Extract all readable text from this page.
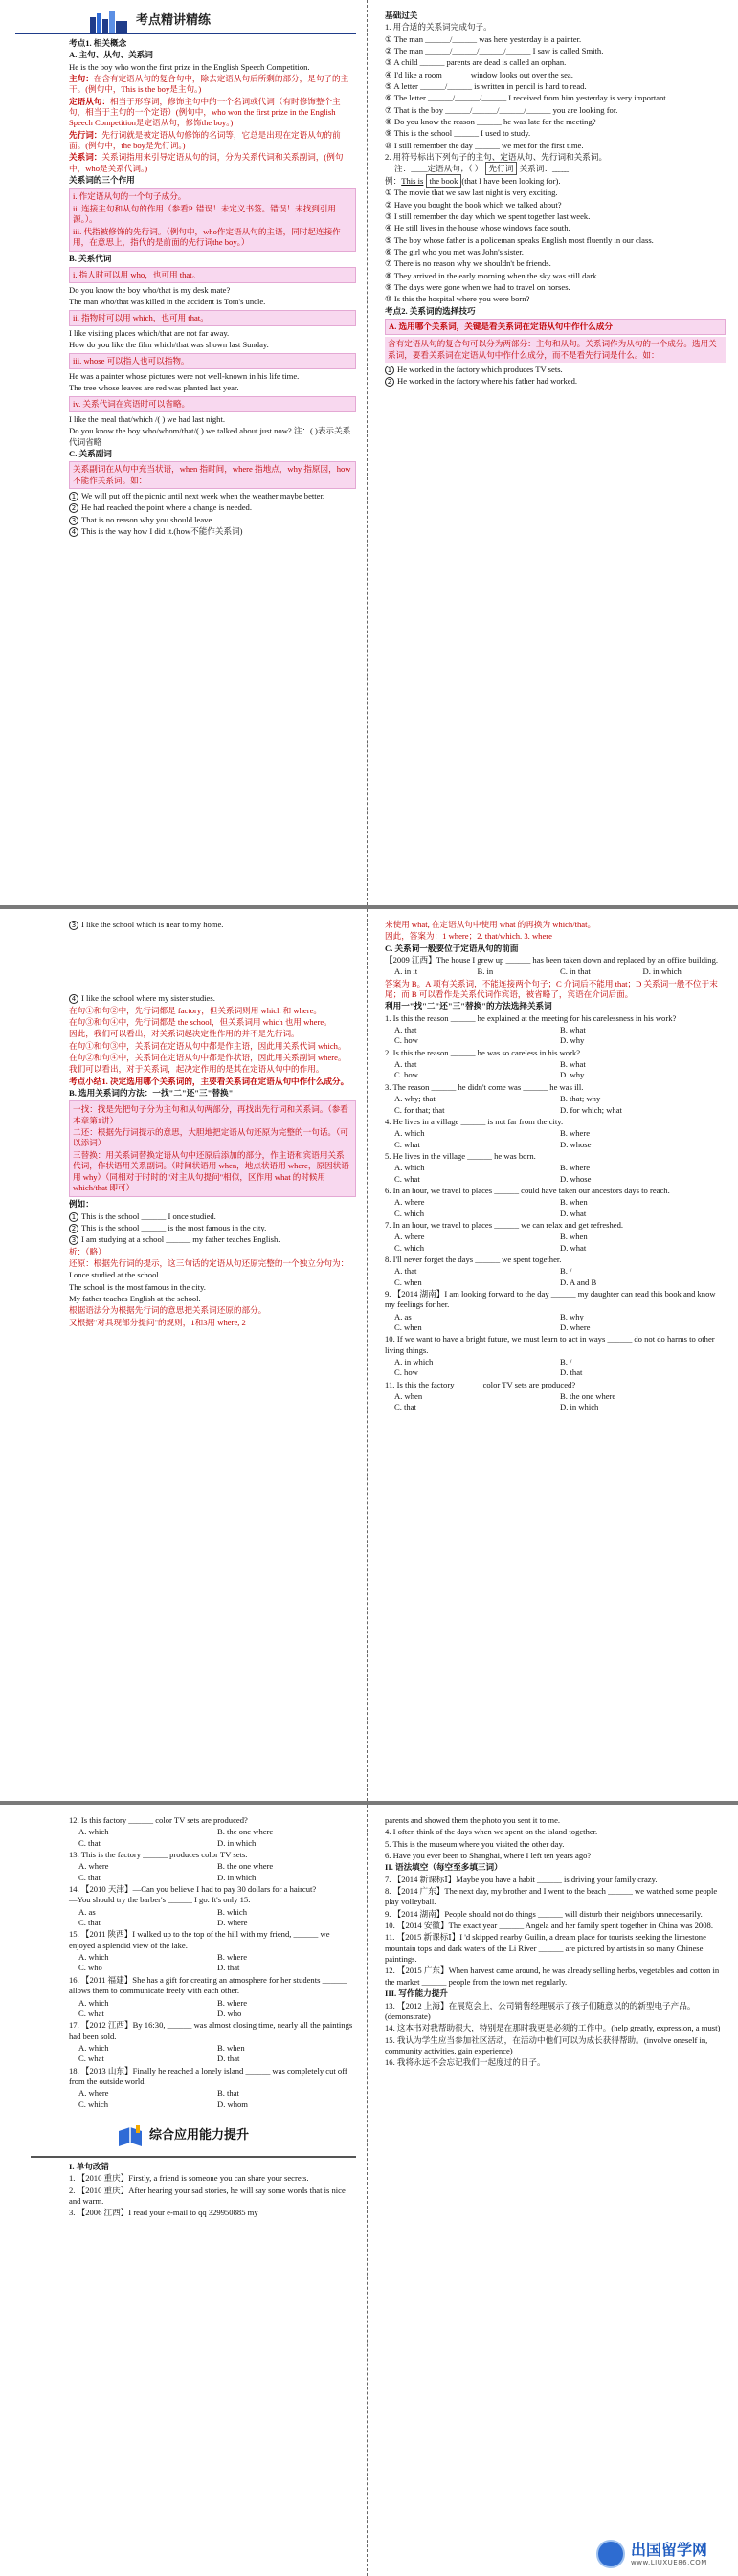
考点精讲精练
考点1. 相关概念
A. 主句、从句、关系词
He is the boy who won the first prize in the English Speech Competition.
主句：在含有定语从句的复合句中，除去定语从句后所剩的部分，是句子的主干。(例句中，This is the boy是主句。)
定语从句：相当于形容词，修饰主句中的一个名词或代词（有时修饰整个主句，相当于主句的一个定语）(例句中，who won the first prize in the English Speech Competition是定语从句，修饰the boy。)
先行词：先行词就是被定语从句修饰的名词等，它总是出现在定语从句的前面。(例句中，the boy是先行词。)
关系词：关系词指用来引导定语从句的词，分为关系代词和关系副词，(例句中，who是关系代词。)
关系词的三个作用
i. 作定语从句的一个句子成分。
ii. 连接主句和从句的作用（参看P. 错误！未定义书签。错误！未找到引用源。）。
iii. 代指被修饰的先行词。（例句中，who作定语从句的主语，同时起连接作用，在意思上，指代的是前面的先行词the boy。）
B. 关系代词
i. 指人时可以用 who，也可用 that。
Do you know the boy who/that is my desk mate?
The man who/that was killed in the accident is Tom's uncle.
ii. 指物时可以用 which，也可用 that。
I like visiting places which/that are not far away.
How do you like the film which/that was shown last Sunday.
iii. whose 可以指人也可以指物。
He was a painter whose pictures were not well-known in his life time.
The tree whose leaves are red was planted last year.
iv. 关系代词在宾语时可以省略。
I like the meal that/which /( ) we had last night.
Do you know the boy who/whom/that/( ) we talked about just now? 注：( )表示关系代词省略
C. 关系副词
关系副词在从句中充当状语，when 指时间，where 指地点，why 指原因，how不能作关系词。如：
1 We will put off the picnic until next week when the weather maybe better.
2 He had reached the point where a change is needed.
3 That is no reason why you should leave.
4 This is the way how I did it.(how不能作关系词)
基础过关
1. 用合适的关系词完成句子。
① The man ______/______ was here yesterday is a painter.
② The man ______/______/______/______ I saw is called Smith.
③ A child ______ parents are dead is called an orphan.
④ I'd like a room ______ window looks out over the sea.
⑤ A letter ______/______ is written in pencil is hard to read.
⑥ The letter ______/______/______ I received from him yesterday is very important.
⑦ That is the boy ______/______/______/______ you are looking for.
⑧ Do you know the reason ______ he was late for the meeting?
⑨ This is the school ______ I used to study.
⑩ I still remember the day ______ we met for the first time.
2. 用符号标出下列句子的主句、定语从句、先行词和关系词。
注：____定语从句；（ ） 先行词 关系词：﹏﹏
例：This is the book (that I have been looking for).
① The movie that we saw last night is very exciting.
② Have you bought the book which we talked about?
③ I still remember the day which we spent together last week.
④ He still lives in the house whose windows face south.
⑤ The boy whose father is a policeman speaks English most fluently in our class.
⑥ The girl who you met was John's sister.
⑦ There is no reason why we shouldn't be friends.
⑧ They arrived in the early morning when the sky was still dark.
⑨ The days were gone when we had to travel on horses.
⑩ Is this the hospital where you were born?
考点2. 关系词的选择技巧
A. 选用哪个关系词，关键是看关系词在定语从句中作什么成分
含有定语从句的复合句可以分为两部分：主句和从句。关系词作为从句的一个成分。选用关系词，要看关系词在定语从句中作什么成分，而不是看先行词是什么。如：
1 He worked in the factory which produces TV sets.
2 He worked in the factory where his father had worked.
3 I like the school which is near to my home.
4 I like the school where my sister studies.
在句①和句②中，先行词都是 factory，但关系词则用 which 和 where。
在句③和句④中，先行词都是 the school，但关系词用 which 也用 where。
因此，我们可以看出，对关系词起决定性作用的并不是先行词。
在句①和句③中，关系词在定语从句中都是作主语，因此用关系代词 which。
在句②和句④中，关系词在定语从句中都是作状语，因此用关系副词 where。
我们可以看出，对于关系词，起决定作用的是其在定语从句中的作用。
考点小结1. 决定选用哪个关系词的，主要看关系词在定语从句中作什么成分。
B. 选用关系词的方法：一找"二"还"三"替换"
一找：找是先把句子分为主句和从句两部分，再找出先行词和关系词。（参看本章第1讲）
二还：根据先行词提示的意思，大胆地把定语从句还原为完整的一句话。（可以添词）
三替换：用关系词替换定语从句中还原后添加的部分，作主语和宾语用关系代词，作状语用关系副词。（时间状语用 when，地点状语用 where，原因状语用 why）（同相对于时时的"对主从句提问"相似，区作用 what 的时候用 which/that 即可）
例如：
1 This is the school ______ I once studied.
2 This is the school ______ is the most famous in the city.
3 I am studying at a school ______ my father teaches English.
析：（略）
还原：根据先行词的提示，这三句话的定语从句还原完整的一个独立分句为：
I once studied at the school.
The school is the most famous in the city.
My father teaches English at the school.
根据语法分为根据先行词的意思把关系词还原的部分。
又根据"对具现部分提问"的规则，1和3用 where, 2
来使用 what, 在定语从句中使用 what 的再换为 which/that。
因此，答案为：1 where；2. that/which. 3. where
C. 关系词一般要位于定语从句的前面
【2009 江西】The house I grew up ______ has been taken down and replaced by an office building.
A. in it	B. in	C. in that	D. in which
答案为 B。A 项有关系词，不能连接两个句子；C 介词后不能用 that；D 关系词一般不位于末尾；而 B 可以看作是关系代词作宾语，被省略了，宾语在介词后面。
利用一"找"二"还"三"替换"的方法选择关系词
1. Is this the reason ______ he explained at the meeting for his carelessness in his work?
A. that	B. what
C. how	D. why
2. Is this the reason ______ he was so careless in his work?
A. that	B. what
C. how	D. why
3. The reason ______ he didn't come was ______ he was ill.
A. why; that	B. that; why
C. for that; that	D. for which; what
4. He lives in a village ______ is not far from the city.
A. which	B. where
C. what	D. whose
5. He lives in the village ______ he was born.
A. which	B. where
C. what	D. whose
6. In an hour, we travel to places ______ could have taken our ancestors days to reach.
A. where	B. when
C. which	D. what
7. In an hour, we travel to places ______ we can relax and get refreshed.
A. where	B. when
C. which	D. what
8. I'll never forget the days ______ we spent together.
A. that	B. /
C. when	D. A and B
9. 【2014 湖南】I am looking forward to the day ______ my daughter can read this book and know my feelings for her.
A. as	B. why
C. when	D. where
10. If we want to have a bright future, we must learn to act in ways ______ do not do harms to other living things.
A. in which	B. /
C. how	D. that
11. Is this the factory ______ color TV sets are produced?
A. when	B. the one where
C. that	D. in which
12. Is this factory ______ color TV sets are produced?
A. which	B. the one where
C. that	D. in which
13. This is the factory ______ produces color TV sets.
A. where	B. the one where
C. that	D. in which
14. 【2010 天津】—Can you believe I had to pay 30 dollars for a haircut?
—You should try the barber's ______ I go. It's only 15.
A. as	B. which
C. that	D. where
15. 【2011 陕西】I walked up to the top of the hill with my friend, ______ we enjoyed a splendid view of the lake.
A. which	B. where
C. who	D. that
16. 【2011 福建】She has a gift for creating an atmosphere for her students ______ allows them to communicate freely with each other.
A. which	B. where
C. what	D. who
17. 【2012 江西】By 16:30, ______ was almost closing time, nearly all the paintings had been sold.
A. which	B. when
C. what	D. that
18. 【2013 山东】Finally he reached a lonely island ______ was completely cut off from the outside world.
A. where	B. that
C. which	D. whom
综合应用能力提升
I. 单句改错
1. 【2010 重庆】Firstly, a friend is someone you can share your secrets.
2. 【2010 重庆】After hearing your sad stories, he will say some words that is nice and warm.
3. 【2006 江西】I read your e-mail to qq 329950885 my
parents and showed them the photo you sent it to me.
4. I often think of the days when we spent on the island together.
5. This is the museum where you visited the other day.
6. Have you ever been to Shanghai, where I left ten years ago?
II. 语法填空（每空至多填三词）
7. 【2014 新课标Ⅰ】Maybe you have a habit ______ is driving your family crazy.
8. 【2014 广东】The next day, my brother and I went to the beach ______ we watched some people play volleyball.
9. 【2014 湖南】People should not do things ______ will disturb their neighbors unnecessarily.
10. 【2014 安徽】The exact year ______ Angela and her family spent together in China was 2008.
11. 【2015 新课标Ⅰ】I 'd skipped nearby Guilin, a dream place for tourists seeking the limestone mountain tops and dark waters of the Li River ______ are pictured by artists in so many Chinese paintings.
12. 【2015 广东】When harvest came around, he was already selling herbs, vegetables and cotton in the market ______ people from the town met regularly.
III. 写作能力提升
13. 【2012 上海】在展览会上，公司销售经理展示了孩子们随意以的的新型电子产品。(demonstrate)
14. 这本书对我帮助很大，特别是在那时我更是必须的工作中。(help greatly, expression, a must)
15. 我认为学生应当参加社区活动，在活动中他们可以为成长获得帮助。(involve oneself in, community activities, gain experience)
16. 我将永远不会忘记我们一起度过的日子。
出国留学网
www.LIUXUE86.COM
